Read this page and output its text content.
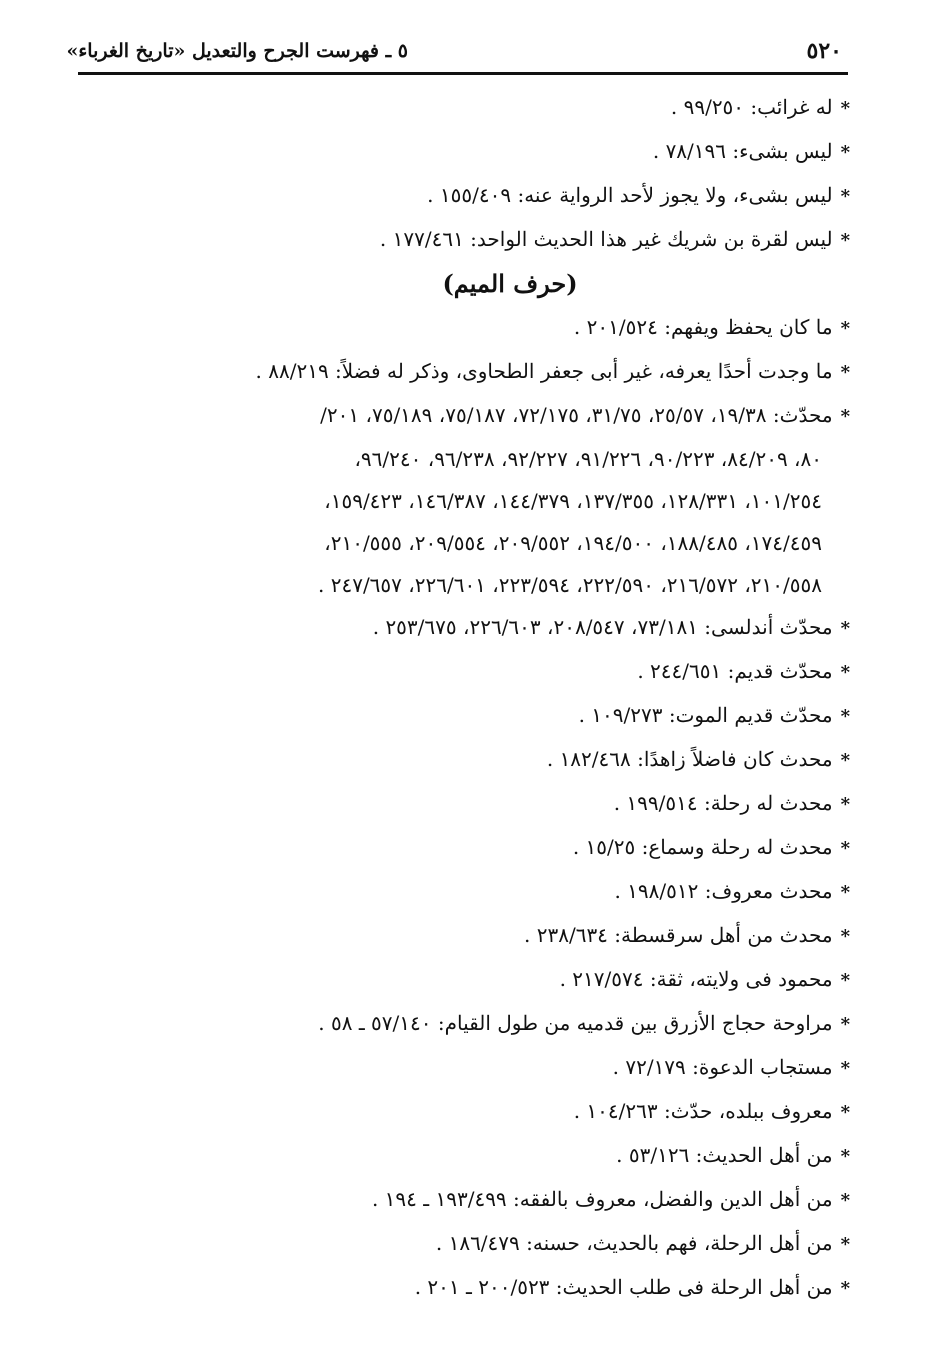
٥٢٠
٥ ـ فهرست الجرح والتعديل «تاريخ الغرباء»
*له غرائب: ٩٩/٢٥٠ .
*ليس بشىء: ٧٨/١٩٦ .
*ليس بشىء، ولا يجوز لأحد الرواية عنه: ١٥٥/٤٠٩ .
*ليس لقرة بن شريك غير هذا الحديث الواحد: ١٧٧/٤٦١ .
(حرف الميم)
*ما كان يحفظ ويفهم: ٢٠١/٥٢٤ .
*ما وجدت أحدًا يعرفه، غير أبى جعفر الطحاوى، وذكر له فضلاً: ٨٨/٢١٩ .
*محدّث: ١٩/٣٨، ٢٥/٥٧، ٣١/٧٥، ٧٢/١٧٥، ٧٥/١٨٧، ٧٥/١٨٩، ٢٠١/
٨٠، ٨٤/٢٠٩، ٩٠/٢٢٣، ٩١/٢٢٦، ٩٢/٢٢٧، ٩٦/٢٣٨، ٩٦/٢٤٠،
١٠١/٢٥٤، ١٢٨/٣٣١، ١٣٧/٣٥٥، ١٤٤/٣٧٩، ١٤٦/٣٨٧، ١٥٩/٤٢٣،
١٧٤/٤٥٩، ١٨٨/٤٨٥، ١٩٤/٥٠٠، ٢٠٩/٥٥٢، ٢٠٩/٥٥٤، ٢١٠/٥٥٥،
٢١٠/٥٥٨، ٢١٦/٥٧٢، ٢٢٢/٥٩٠، ٢٢٣/٥٩٤، ٢٢٦/٦٠١، ٢٤٧/٦٥٧ .
*محدّث أندلسى: ٧٣/١٨١، ٢٠٨/٥٤٧، ٢٢٦/٦٠٣، ٢٥٣/٦٧٥ .
*محدّث قديم: ٢٤٤/٦٥١ .
*محدّث قديم الموت: ١٠٩/٢٧٣ .
*محدث كان فاضلاً زاهدًا: ١٨٢/٤٦٨ .
*محدث له رحلة: ١٩٩/٥١٤ .
*محدث له رحلة وسماع: ١٥/٢٥ .
*محدث معروف: ١٩٨/٥١٢ .
*محدث من أهل سرقسطة: ٢٣٨/٦٣٤ .
*محمود فى ولايته، ثقة: ٢١٧/٥٧٤ .
*مراوحة حجاج الأزرق بين قدميه من طول القيام: ٥٧/١٤٠ ـ ٥٨ .
*مستجاب الدعوة: ٧٢/١٧٩ .
*معروف ببلده، حدّث: ١٠٤/٢٦٣ .
*من أهل الحديث: ٥٣/١٢٦ .
*من أهل الدين والفضل، معروف بالفقه: ١٩٣/٤٩٩ ـ ١٩٤ .
*من أهل الرحلة، فهم بالحديث، حسنه: ١٨٦/٤٧٩ .
*من أهل الرحلة فى طلب الحديث: ٢٠٠/٥٢٣ ـ ٢٠١ .
